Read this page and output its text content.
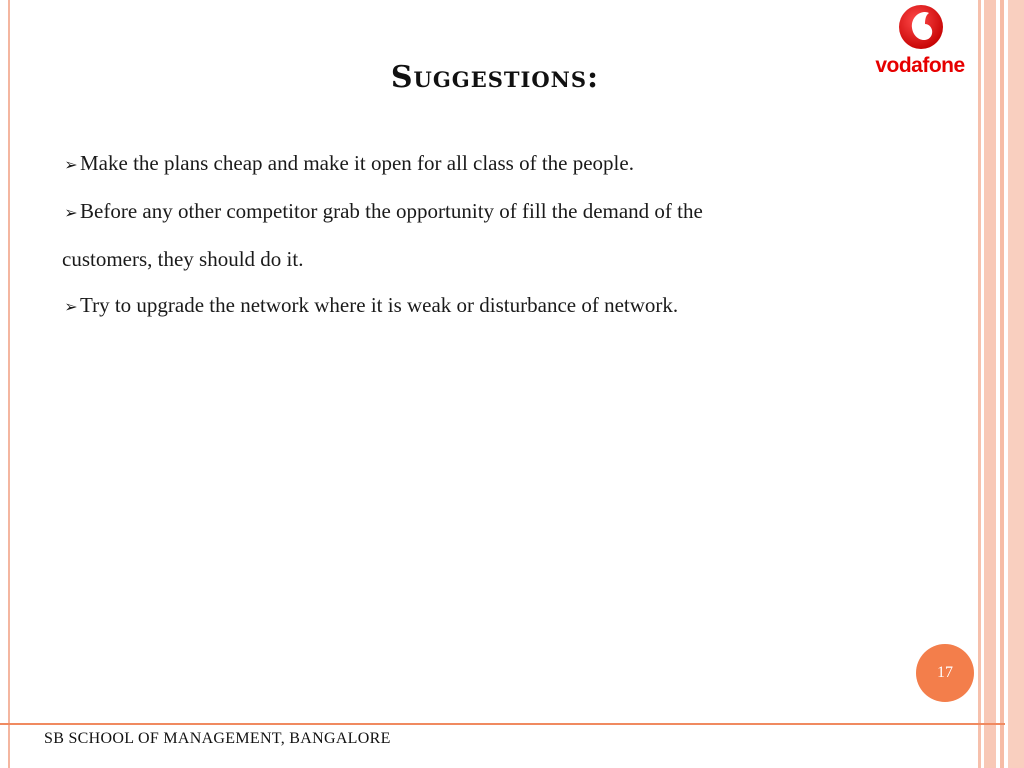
vodafone
Suggestions:
➢ Make the plans cheap and make it open for all class of the people.
➢ Before any other competitor grab the opportunity of fill the demand of the
customers, they should do it.
➢ Try to upgrade the network where it is weak or disturbance of network.
17
SB SCHOOL OF MANAGEMENT, BANGALORE
